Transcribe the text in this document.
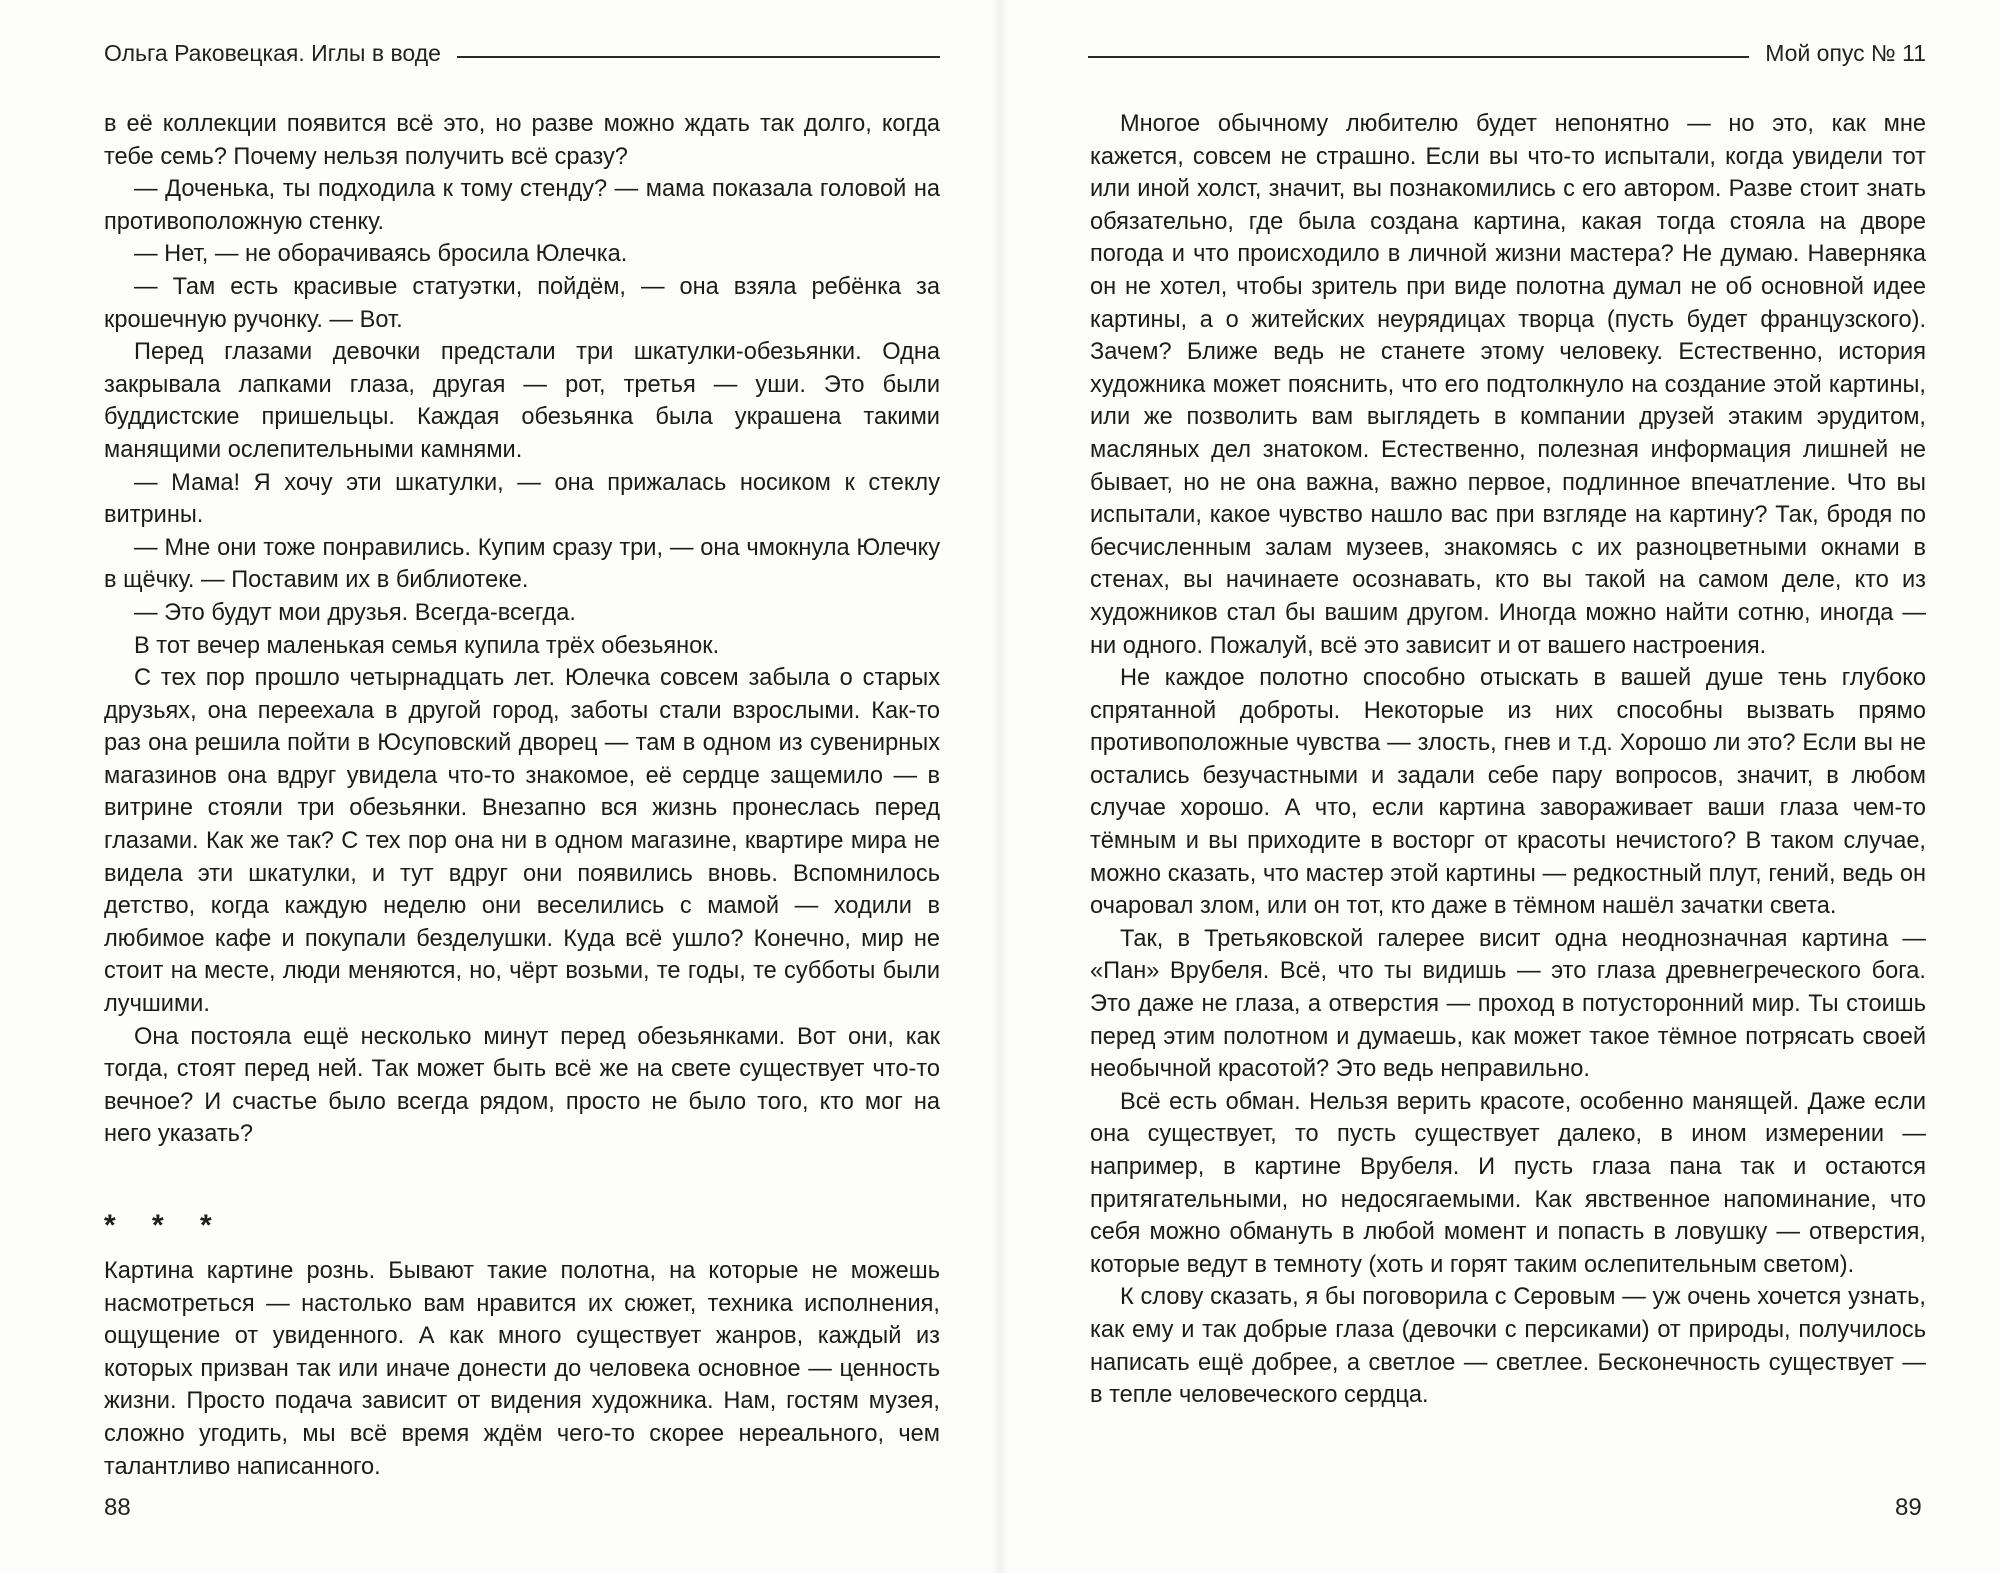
Ольга Раковецкая. Иглы в воде	Мой опус № 11

в её коллекции появится всё это, но разве можно ждать так долго, когда тебе семь? Почему нельзя получить всё сразу?

— Доченька, ты подходила к тому стенду? — мама показала головой на противоположную стенку.

— Нет, — не оборачиваясь бросила Юлечка.

— Там есть красивые статуэтки, пойдём, — она взяла ребёнка за крошечную ручонку. — Вот.

Перед глазами девочки предстали три шкатулки-обезьянки. Одна закрывала лапками глаза, другая — рот, третья — уши. Это были буддистские пришельцы. Каждая обезьянка была украшена такими манящими ослепительными камнями.

— Мама! Я хочу эти шкатулки, — она прижалась носиком к стеклу витрины.

— Мне они тоже понравились. Купим сразу три, — она чмокнула Юлечку в щёчку. — Поставим их в библиотеке.

— Это будут мои друзья. Всегда-всегда.

В тот вечер маленькая семья купила трёх обезьянок.

С тех пор прошло четырнадцать лет. Юлечка совсем забыла о старых друзьях, она переехала в другой город, заботы стали взрослыми. Как-то раз она решила пойти в Юсуповский дворец — там в одном из сувенирных магазинов она вдруг увидела что-то знакомое, её сердце защемило — в витрине стояли три обезьянки. Внезапно вся жизнь пронеслась перед глазами. Как же так? С тех пор она ни в одном магазине, квартире мира не видела эти шкатулки, и тут вдруг они появились вновь. Вспомнилось детство, когда каждую неделю они веселились с мамой — ходили в любимое кафе и покупали безделушки. Куда всё ушло? Конечно, мир не стоит на месте, люди меняются, но, чёрт возьми, те годы, те субботы были лучшими.

Она постояла ещё несколько минут перед обезьянками. Вот они, как тогда, стоят перед ней. Так может быть всё же на свете существует что-то вечное? И счастье было всегда рядом, просто не было того, кто мог на него указать?

* * *

Картина картине рознь. Бывают такие полотна, на которые не можешь насмотреться — настолько вам нравится их сюжет, техника исполнения, ощущение от увиденного. А как много существует жанров, каждый из которых призван так или иначе донести до человека основное — ценность жизни. Просто подача зависит от видения художника. Нам, гостям музея, сложно угодить, мы всё время ждём чего-то скорее нереального, чем талантливо написанного.

Многое обычному любителю будет непонятно — но это, как мне кажется, совсем не страшно. Если вы что-то испытали, когда увидели тот или иной холст, значит, вы познакомились с его автором. Разве стоит знать обязательно, где была создана картина, какая тогда стояла на дворе погода и что происходило в личной жизни мастера? Не думаю. Наверняка он не хотел, чтобы зритель при виде полотна думал не об основной идее картины, а о житейских неурядицах творца (пусть будет французского). Зачем? Ближе ведь не станете этому человеку. Естественно, история художника может пояснить, что его подтолкнуло на создание этой картины, или же позволить вам выглядеть в компании друзей этаким эрудитом, масляных дел знатоком. Естественно, полезная информация лишней не бывает, но не она важна, важно первое, подлинное впечатление. Что вы испытали, какое чувство нашло вас при взгляде на картину? Так, бродя по бесчисленным залам музеев, знакомясь с их разноцветными окнами в стенах, вы начинаете осознавать, кто вы такой на самом деле, кто из художников стал бы вашим другом. Иногда можно найти сотню, иногда — ни одного. Пожалуй, всё это зависит и от вашего настроения.

Не каждое полотно способно отыскать в вашей душе тень глубоко спрятанной доброты. Некоторые из них способны вызвать прямо противоположные чувства — злость, гнев и т.д. Хорошо ли это? Если вы не остались безучастными и задали себе пару вопросов, значит, в любом случае хорошо. А что, если картина завораживает ваши глаза чем-то тёмным и вы приходите в восторг от красоты нечистого? В таком случае, можно сказать, что мастер этой картины — редкостный плут, гений, ведь он очаровал злом, или он тот, кто даже в тёмном нашёл зачатки света.

Так, в Третьяковской галерее висит одна неоднозначная картина — «Пан» Врубеля. Всё, что ты видишь — это глаза древнегреческого бога. Это даже не глаза, а отверстия — проход в потусторонний мир. Ты стоишь перед этим полотном и думаешь, как может такое тёмное потрясать своей необычной красотой? Это ведь неправильно.

Всё есть обман. Нельзя верить красоте, особенно манящей. Даже если она существует, то пусть существует далеко, в ином измерении — например, в картине Врубеля. И пусть глаза пана так и остаются притягательными, но недосягаемыми. Как явственное напоминание, что себя можно обмануть в любой момент и попасть в ловушку — отверстия, которые ведут в темноту (хоть и горят таким ослепительным светом).

К слову сказать, я бы поговорила с Серовым — уж очень хочется узнать, как ему и так добрые глаза (девочки с персиками) от природы, получилось написать ещё добрее, а светлое — светлее. Бесконечность существует — в тепле человеческого сердца.

88	89
